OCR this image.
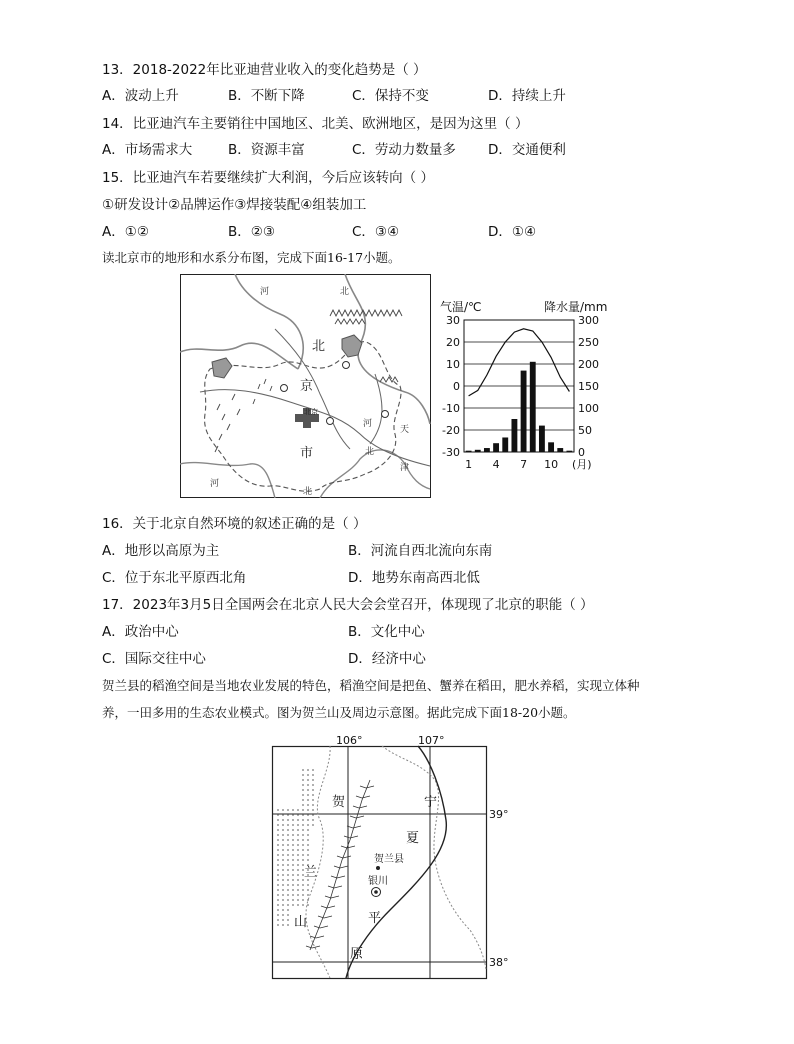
13．2018-2022年比亚迪营业收入的变化趋势是（ ）
A．波动上升	B．不断下降	C．保持不变	D．持续上升
14．比亚迪汽车主要销往中国地区、北美、欧洲地区，是因为这里（ ）
A．市场需求大	B．资源丰富	C．劳动力数量多 D．交通便利
15．比亚迪汽车若要继续扩大利润，今后应该转向（ ）
①研发设计②品牌运作③焊接装配④组装加工
A．①②	B．②③	C．③④	D．①④
读北京市的地形和水系分布图，完成下面16-17小题。
河	北
北
京
北京
市
河
天
北
津
河
北
气温/℃	降水量/mm
30
20
10
0
-10
-20
-30
300
250
200
150
100
50
0
1 4 7 10 (月)
16．关于北京自然环境的叙述正确的是（ ）
A．地形以高原为主	B．河流自西北流向东南
C．位于东北平原西北角	D．地势东南高西北低
17．2023年3月5日全国两会在北京人民大会会堂召开，体现现了北京的职能（ ）
A．政治中心	B．文化中心
C．国际交往中心	D．经济中心
贺兰县的稻渔空间是当地农业发展的特色，稻渔空间是把鱼、蟹养在稻田，肥水养稻，实现立体种
养，一田多用的生态农业模式。图为贺兰山及周边示意图。据此完成下面18-20小题。
106°	107°
39°
38°
贺
兰
山
宁
夏
平
原
贺兰县
银川
